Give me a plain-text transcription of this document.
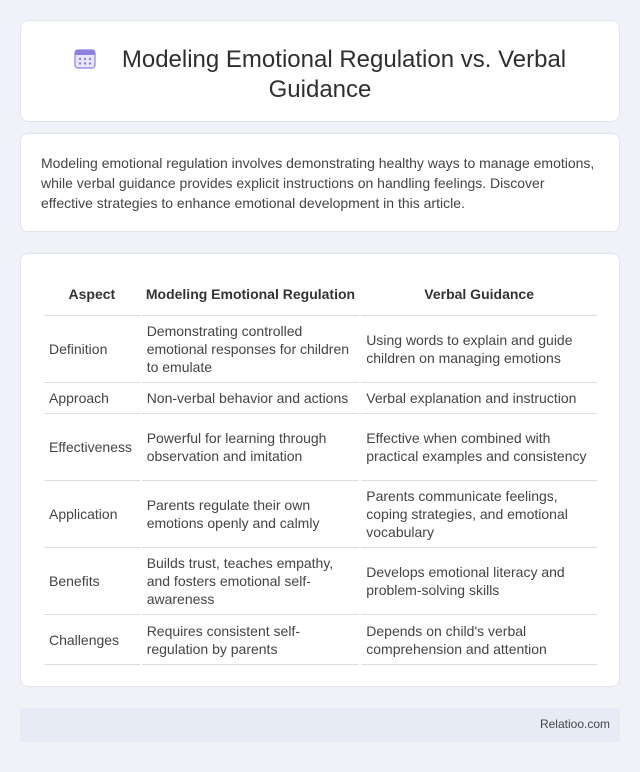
Modeling Emotional Regulation vs. Verbal Guidance

Modeling emotional regulation involves demonstrating healthy ways to manage emotions, while verbal guidance provides explicit instructions on handling feelings. Discover effective strategies to enhance emotional development in this article.

Aspect	Modeling Emotional Regulation	Verbal Guidance
Definition	Demonstrating controlled emotional responses for children to emulate	Using words to explain and guide children on managing emotions
Approach	Non-verbal behavior and actions	Verbal explanation and instruction
Effectiveness	Powerful for learning through observation and imitation	Effective when combined with practical examples and consistency
Application	Parents regulate their own emotions openly and calmly	Parents communicate feelings, coping strategies, and emotional vocabulary
Benefits	Builds trust, teaches empathy, and fosters emotional self-awareness	Develops emotional literacy and problem-solving skills
Challenges	Requires consistent self-regulation by parents	Depends on child's verbal comprehension and attention
Relatioo.com
